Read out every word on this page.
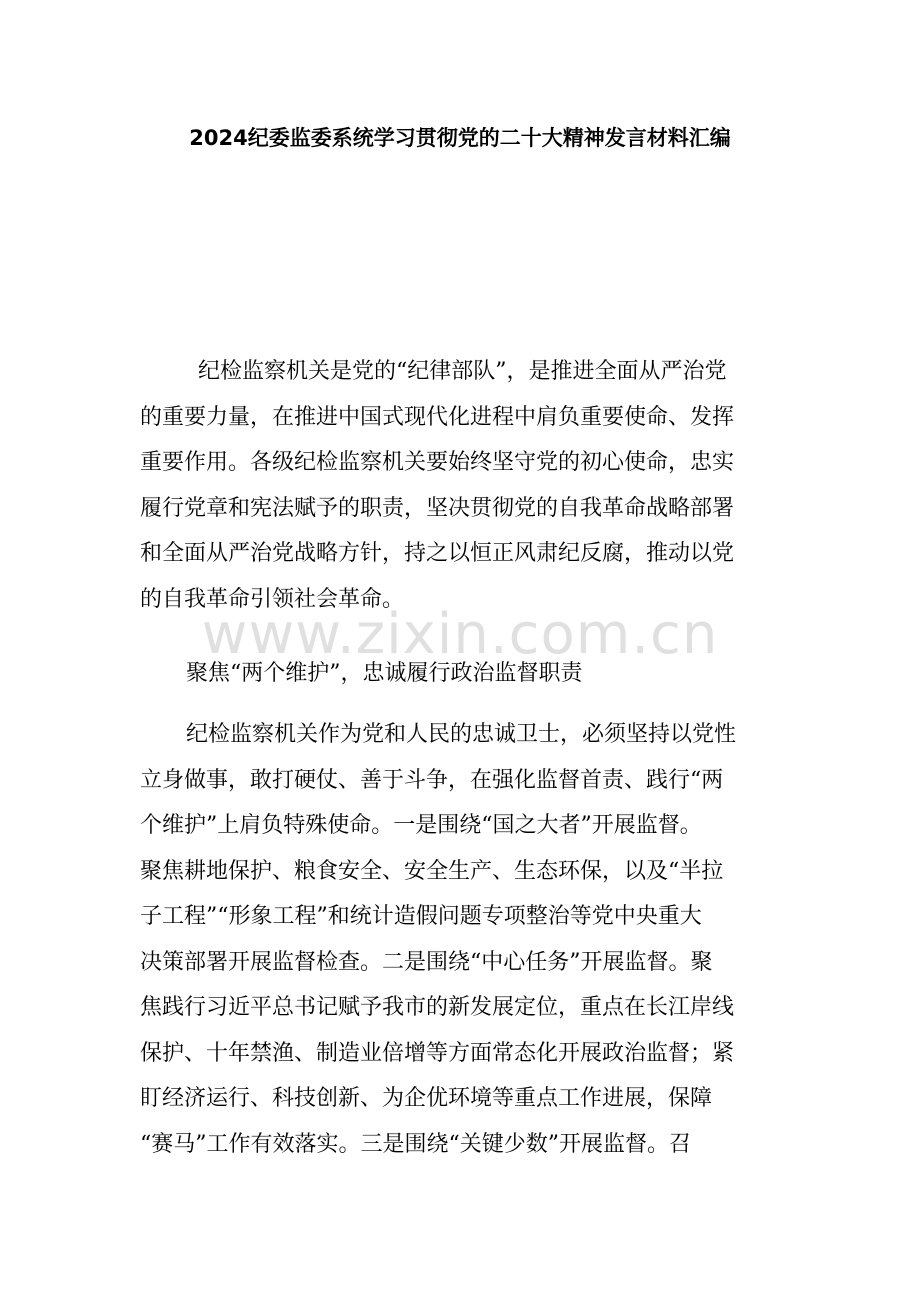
2024纪委监委系统学习贯彻党的二十大精神发言材料汇编
纪检监察机关是党的“纪律部队”，是推进全面从严治党
的重要力量，在推进中国式现代化进程中肩负重要使命、发挥
重要作用。各级纪检监察机关要始终坚守党的初心使命，忠实
履行党章和宪法赋予的职责，坚决贯彻党的自我革命战略部署
和全面从严治党战略方针，持之以恒正风肃纪反腐，推动以党
的自我革命引领社会革命。
聚焦“两个维护”，忠诚履行政治监督职责
纪检监察机关作为党和人民的忠诚卫士，必须坚持以党性
立身做事，敢打硬仗、善于斗争，在强化监督首责、践行“两
个维护”上肩负特殊使命。一是围绕“国之大者”开展监督。
聚焦耕地保护、粮食安全、安全生产、生态环保，以及“半拉
子工程”“形象工程”和统计造假问题专项整治等党中央重大
决策部署开展监督检查。二是围绕“中心任务”开展监督。聚
焦践行习近平总书记赋予我市的新发展定位，重点在长江岸线
保护、十年禁渔、制造业倍增等方面常态化开展政治监督；紧
盯经济运行、科技创新、为企优环境等重点工作进展，保障
“赛马”工作有效落实。三是围绕“关键少数”开展监督。召
www.zixin.com.cn
